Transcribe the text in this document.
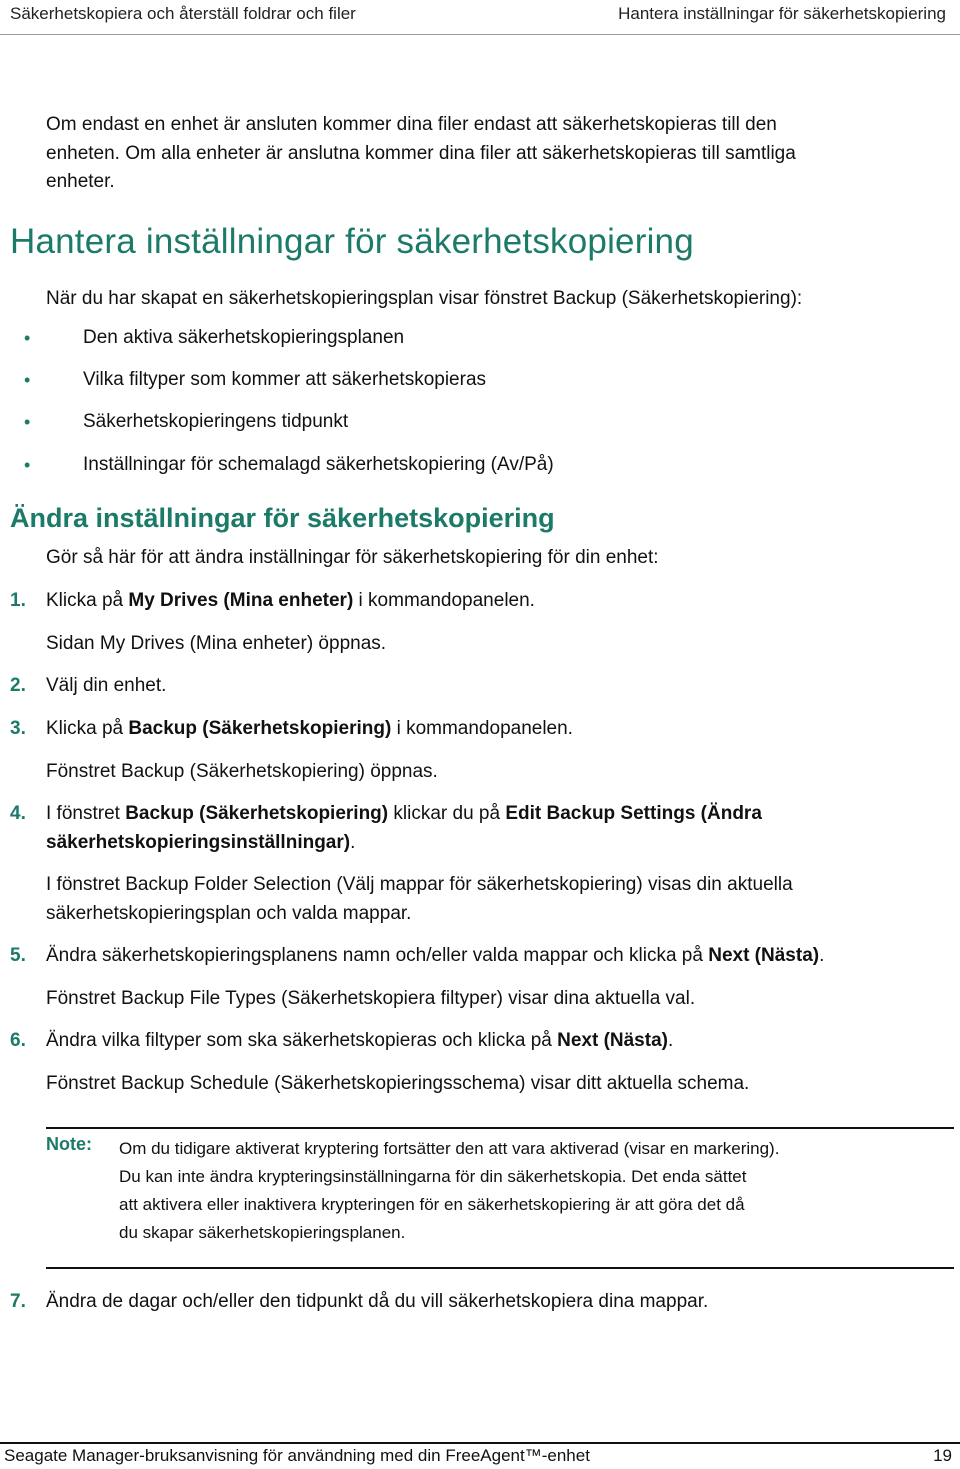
Säkerhetskopiera och återställ foldrar och filer	Hantera inställningar för säkerhetskopiering
Om endast en enhet är ansluten kommer dina filer endast att säkerhetskopieras till den
enheten. Om alla enheter är anslutna kommer dina filer att säkerhetskopieras till samtliga
enheter.
Hantera inställningar för säkerhetskopiering
När du har skapat en säkerhetskopieringsplan visar fönstret Backup (Säkerhetskopiering):
•	Den aktiva säkerhetskopieringsplanen
•	Vilka filtyper som kommer att säkerhetskopieras
•	Säkerhetskopieringens tidpunkt
•	Inställningar för schemalagd säkerhetskopiering (Av/På)
Ändra inställningar för säkerhetskopiering
Gör så här för att ändra inställningar för säkerhetskopiering för din enhet:
1. Klicka på My Drives (Mina enheter) i kommandopanelen.
Sidan My Drives (Mina enheter) öppnas.
2. Välj din enhet.
3. Klicka på Backup (Säkerhetskopiering) i kommandopanelen.
Fönstret Backup (Säkerhetskopiering) öppnas.
4. I fönstret Backup (Säkerhetskopiering) klickar du på Edit Backup Settings (Ändra
säkerhetskopieringsinställningar).
I fönstret Backup Folder Selection (Välj mappar för säkerhetskopiering) visas din aktuella
säkerhetskopieringsplan och valda mappar.
5. Ändra säkerhetskopieringsplanens namn och/eller valda mappar och klicka på Next (Nästa).
Fönstret Backup File Types (Säkerhetskopiera filtyper) visar dina aktuella val.
6. Ändra vilka filtyper som ska säkerhetskopieras och klicka på Next (Nästa).
Fönstret Backup Schedule (Säkerhetskopieringsschema) visar ditt aktuella schema.
Note: Om du tidigare aktiverat kryptering fortsätter den att vara aktiverad (visar en markering).
Du kan inte ändra krypteringsinställningarna för din säkerhetskopia. Det enda sättet
att aktivera eller inaktivera krypteringen för en säkerhetskopiering är att göra det då
du skapar säkerhetskopieringsplanen.
7. Ändra de dagar och/eller den tidpunkt då du vill säkerhetskopiera dina mappar.
Seagate Manager-bruksanvisning för användning med din FreeAgent™-enhet	19
